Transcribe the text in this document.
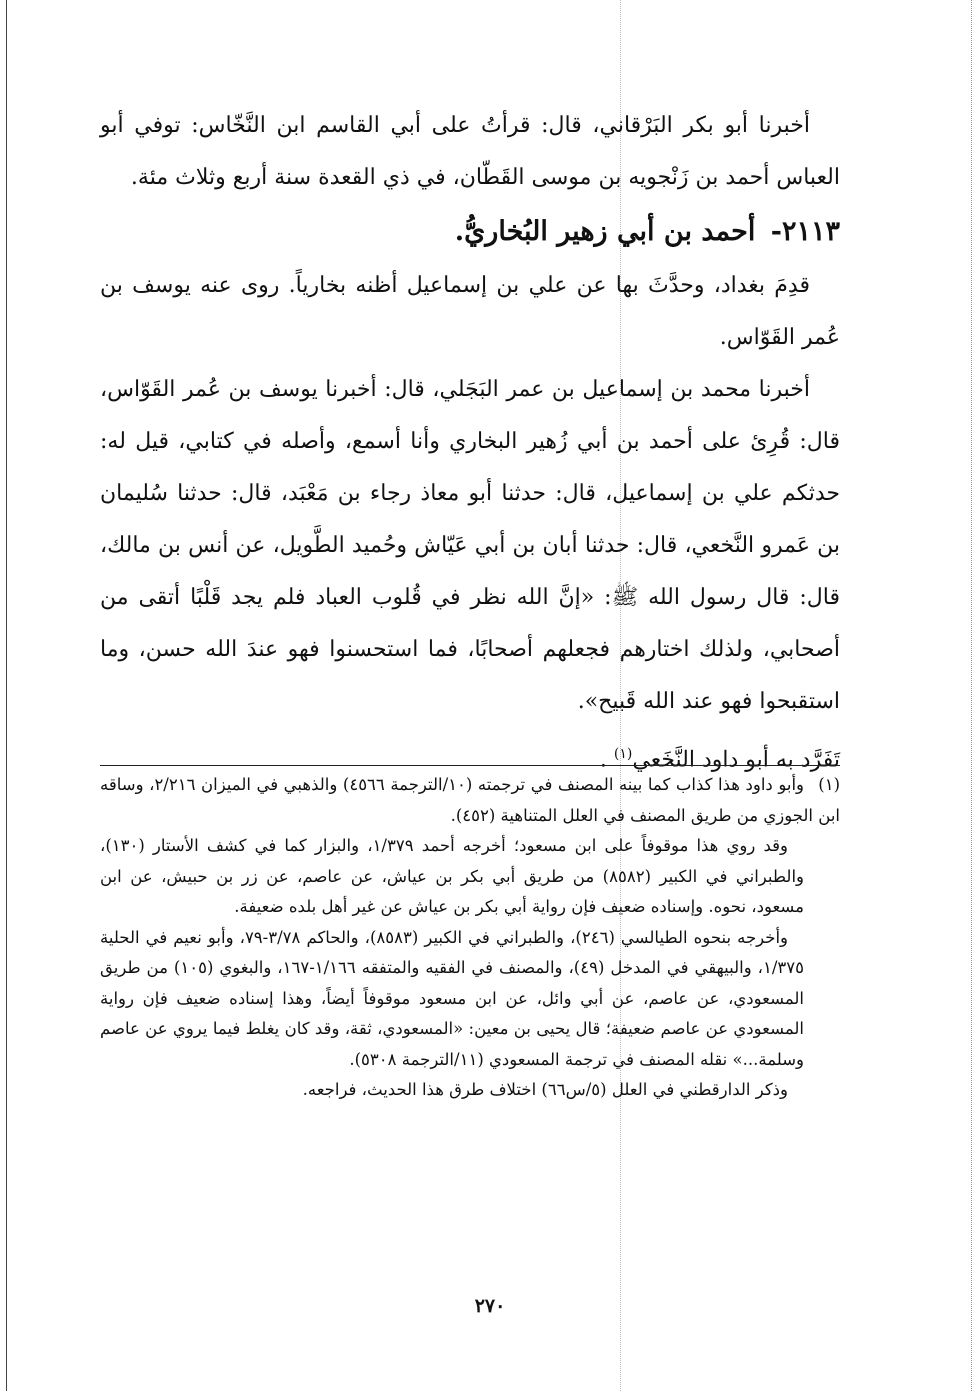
أخبرنا أبو بكر البَرْقاني، قال: قرأتُ على أبي القاسم ابن النَّخّاس: توفي أبو العباس أحمد بن زَنْجويه بن موسى القَطّان، في ذي القعدة سنة أربع وثلاث مئة.

٢١١٣- أحمد بن أبي زهير البُخاريُّ.

قدِمَ بغداد، وحدَّثَ بها عن علي بن إسماعيل أظنه بخارياً. روى عنه يوسف بن عُمر القَوّاس.

أخبرنا محمد بن إسماعيل بن عمر البَجَلي، قال: أخبرنا يوسف بن عُمر القَوّاس، قال: قُرِئ على أحمد بن أبي زُهير البخاري وأنا أسمع، وأصله في كتابي، قيل له: حدثكم علي بن إسماعيل، قال: حدثنا أبو معاذ رجاء بن مَعْبَد، قال: حدثنا سُليمان بن عَمرو النَّخعي، قال: حدثنا أبان بن أبي عَيّاش وحُميد الطَّويل، عن أنس بن مالك، قال: قال رسول الله ﷺ: «إنَّ الله نظر في قُلوب العباد فلم يجد قَلْبًا أتقى من أصحابي، ولذلك اختارهم فجعلهم أصحابًا، فما استحسنوا فهو عندَ الله حسن، وما استقبحوا فهو عند الله قَبيح».

تَفَرَّد به أبو داود النَّخَعي$^{(١)}$ .

(١)وأبو داود هذا كذاب كما بينه المصنف في ترجمته (١٠/الترجمة ٤٥٦٦) والذهبي في الميزان ٢/٢١٦، وساقه ابن الجوزي من طريق المصنف في العلل المتناهية (٤٥٢).

وقد روي هذا موقوفاً على ابن مسعود؛ أخرجه أحمد ١/٣٧٩، والبزار كما في كشف الأستار (١٣٠)، والطبراني في الكبير (٨٥٨٢) من طريق أبي بكر بن عياش، عن عاصم، عن زر بن حبيش، عن ابن مسعود، نحوه. وإسناده ضعيف فإن رواية أبي بكر بن عياش عن غير أهل بلده ضعيفة.

وأخرجه بنحوه الطيالسي (٢٤٦)، والطبراني في الكبير (٨٥٨٣)، والحاكم ٣/٧٨-٧٩، وأبو نعيم في الحلية ١/٣٧٥، والبيهقي في المدخل (٤٩)، والمصنف في الفقيه والمتفقه ١/١٦٦-١٦٧، والبغوي (١٠٥) من طريق المسعودي، عن عاصم، عن أبي وائل، عن ابن مسعود موقوفاً أيضاً، وهذا إسناده ضعيف فإن رواية المسعودي عن عاصم ضعيفة؛ قال يحيى بن معين: «المسعودي، ثقة، وقد كان يغلط فيما يروي عن عاصم وسلمة...» نقله المصنف في ترجمة المسعودي (١١/الترجمة ٥٣٠٨).

وذكر الدارقطني في العلل (٥/س٦٦) اختلاف طرق هذا الحديث، فراجعه.

٢٧٠
